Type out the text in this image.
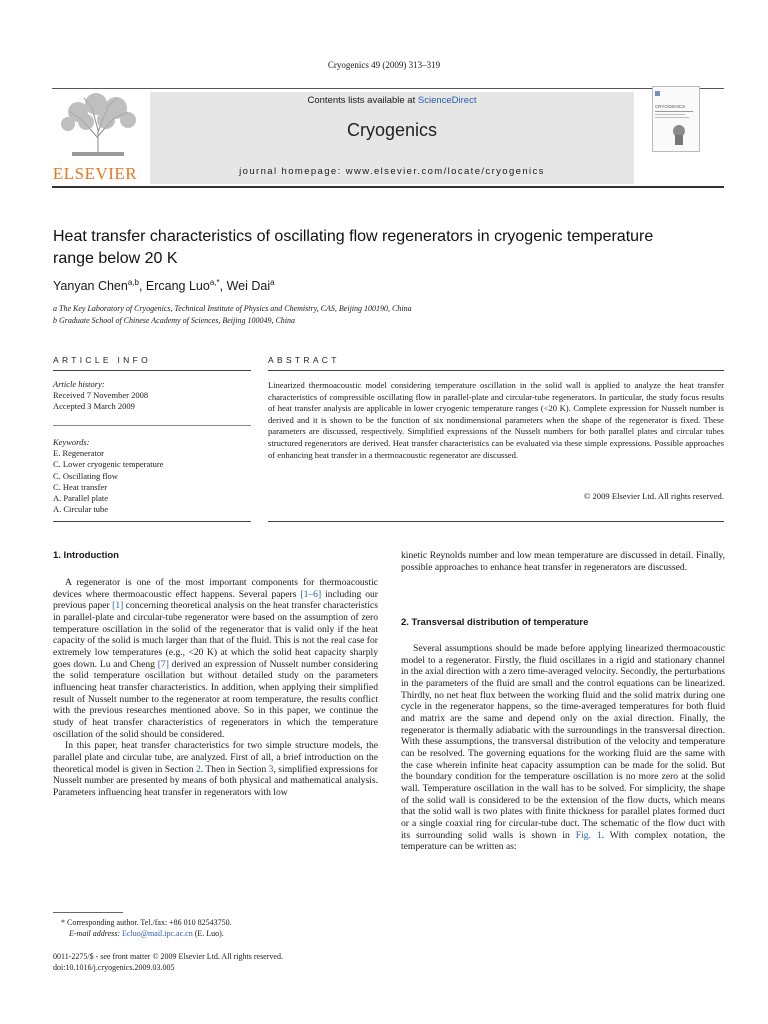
Cryogenics 49 (2009) 313–319
ELSEVIER
Contents lists available at ScienceDirect
Cryogenics
journal homepage: www.elsevier.com/locate/cryogenics
CRYOGENICS
Heat transfer characteristics of oscillating flow regenerators in cryogenic temperature range below 20 K
Yanyan Chen$^{a,b}$, Ercang Luo$^{a,*}$, Wei Dai$^a$
a The Key Laboratory of Cryogenics, Technical Institute of Physics and Chemistry, CAS, Beijing 100190, China
b Graduate School of Chinese Academy of Sciences, Beijing 100049, China
ARTICLE INFO	ABSTRACT
Article history:
Received 7 November 2008
Accepted 3 March 2009
Keywords:
E. Regenerator
C. Lower cryogenic temperature
C. Oscillating flow
C. Heat transfer
A. Parallel plate
A. Circular tube
Linearized thermoacoustic model considering temperature oscillation in the solid wall is applied to analyze the heat transfer characteristics of compressible oscillating flow in parallel-plate and circular-tube regenerators. In particular, the study focus results of heat transfer analysis are applicable in lower cryogenic temperature ranges (<20 K). Complete expression for Nusselt number is derived and it is shown to be the function of six nondimensional parameters when the shape of the regenerator is fixed. These parameters are discussed, respectively. Simplified expressions of the Nusselt numbers for both parallel plates and circular tubes structured regenerators are derived. Heat transfer characteristics can be evaluated via these simple expressions. Possible approaches of enhancing heat transfer in a thermoacoustic regenerator are discussed.
© 2009 Elsevier Ltd. All rights reserved.
1. Introduction

A regenerator is one of the most important components for thermoacoustic devices where thermoacoustic effect happens. Several papers [1–6] including our previous paper [1] concerning theoretical analysis on the heat transfer characteristics in parallel-plate and circular-tube regenerator were based on the assumption of zero temperature oscillation in the solid of the regenerator that is valid only if the heat capacity of the solid is much larger than that of the fluid. This is not the real case for extremely low temperatures (e.g., <20 K) at which the solid heat capacity sharply goes down. Lu and Cheng [7] derived an expression of Nusselt number considering the solid temperature oscillation but without detailed study on the parameters influencing heat transfer characteristics. In addition, when applying their simplified result of Nusselt number to the regenerator at room temperature, the results conflict with the previous researches mentioned above. So in this paper, we continue the study of heat transfer characteristics of regenerators in which the temperature oscillation of the solid should be considered.

In this paper, heat transfer characteristics for two simple structure models, the parallel plate and circular tube, are analyzed. First of all, a brief introduction on the theoretical model is given in Section 2. Then in Section 3, simplified expressions for Nusselt number are presented by means of both physical and mathematical analysis. Parameters influencing heat transfer in regenerators with low

kinetic Reynolds number and low mean temperature are discussed in detail. Finally, possible approaches to enhance heat transfer in regenerators are discussed.

2. Transversal distribution of temperature

Several assumptions should be made before applying linearized thermoacoustic model to a regenerator. Firstly, the fluid oscillates in a rigid and stationary channel in the axial direction with a zero time-averaged velocity. Secondly, the perturbations in the parameters of the fluid are small and the control equations can be linearized. Thirdly, no net heat flux between the working fluid and the solid matrix during one cycle in the regenerator happens, so the time-averaged temperatures for both fluid and matrix are the same and depend only on the axial direction. Finally, the regenerator is thermally adiabatic with the surroundings in the transversal direction. With these assumptions, the transversal distribution of the velocity and temperature can be resolved. The governing equations for the working fluid are the same with the case wherein infinite heat capacity assumption can be made for the solid. But the boundary condition for the temperature oscillation is no more zero at the solid wall. Temperature oscillation in the wall has to be solved. For simplicity, the shape of the solid wall is considered to be the extension of the flow ducts, which means that the solid wall is two plates with finite thickness for parallel plates formed duct or a single coaxial ring for circular-tube duct. The schematic of the flow duct with its surrounding solid walls is shown in Fig. 1. With complex notation, the temperature can be written as:

* Corresponding author. Tel./fax: +86 010 82543750.
E-mail address: Ecluo@mail.ipc.ac.cn (E. Luo).
0011-2275/$ - see front matter © 2009 Elsevier Ltd. All rights reserved.
doi:10.1016/j.cryogenics.2009.03.005
